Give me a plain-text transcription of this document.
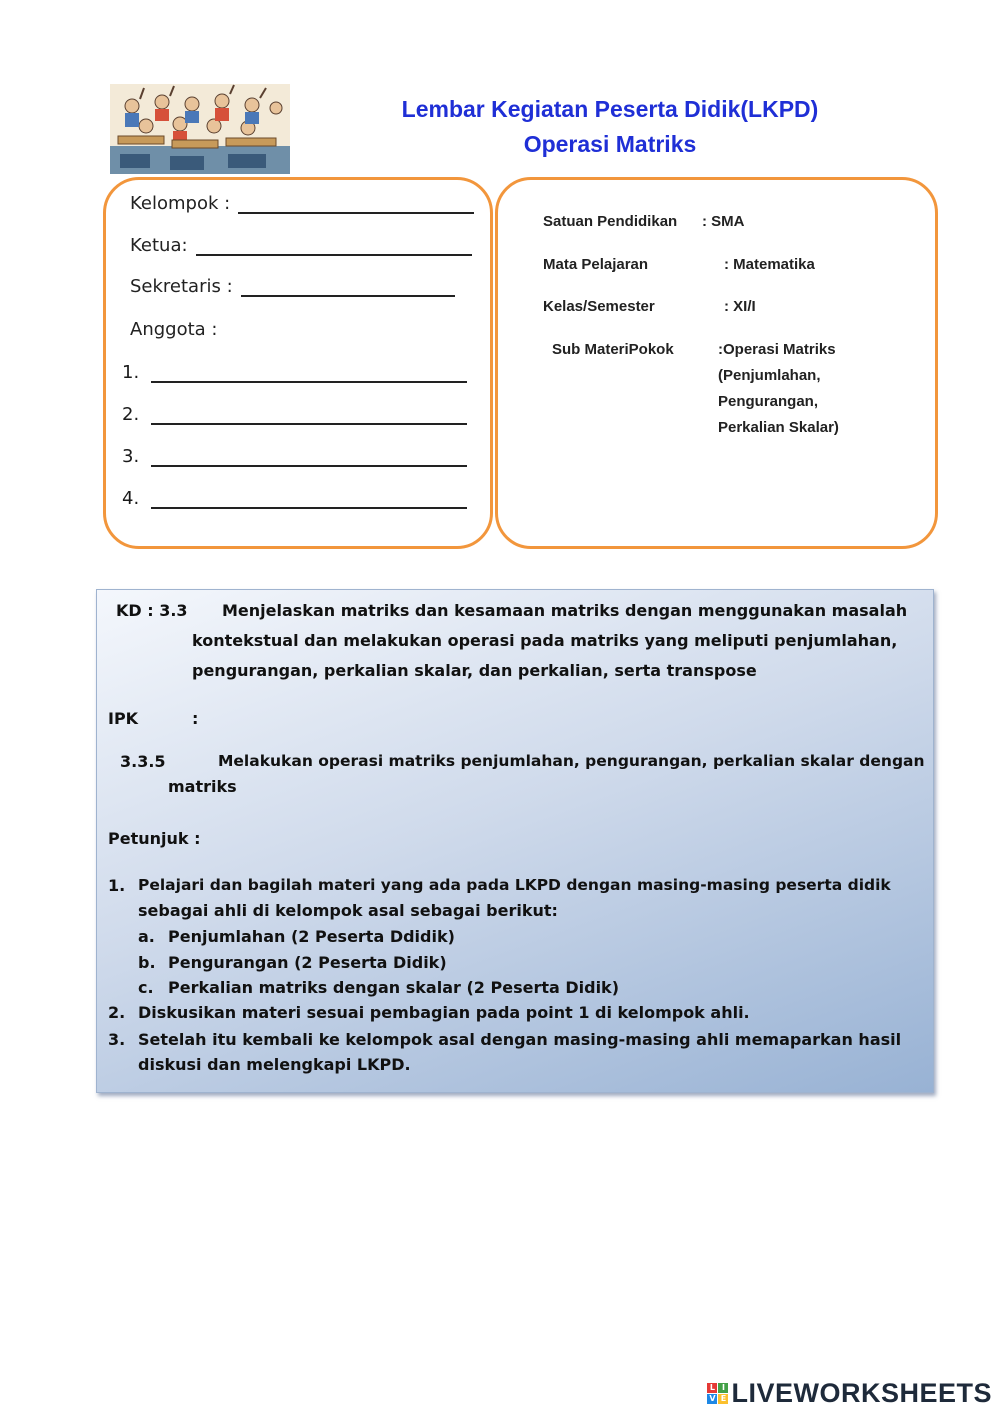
Lembar Kegiatan Peserta Didik(LKPD)
Operasi Matriks
Kelompok :
Ketua:
Sekretaris :
Anggota :
1.
2.
3.
4.
Satuan Pendidikan : SMA
Mata Pelajaran	: Matematika
Kelas/Semester	: XI/I
Sub MateriPokok	:Operasi Matriks
(Penjumlahan,
Pengurangan,
Perkalian Skalar)
KD : 3.3 Menjelaskan matriks dan kesamaan matriks dengan menggunakan masalah
kontekstual dan melakukan operasi pada matriks yang meliputi penjumlahan,
pengurangan, perkalian skalar, dan perkalian, serta transpose
IPK	:
3.3.5	Melakukan operasi matriks penjumlahan, pengurangan, perkalian skalar dengan
matriks
Petunjuk :
1. Pelajari dan bagilah materi yang ada pada LKPD dengan masing-masing peserta didik
sebagai ahli di kelompok asal sebagai berikut:
a. Penjumlahan (2 Peserta Ddidik)
b. Pengurangan (2 Peserta Didik)
c. Perkalian matriks dengan skalar (2 Peserta Didik)
2. Diskusikan materi sesuai pembagian pada point 1 di kelompok ahli.
3. Setelah itu kembali ke kelompok asal dengan masing-masing ahli memaparkan hasil
diskusi dan melengkapi LKPD.
L I
V E LIVEWORKSHEETS
